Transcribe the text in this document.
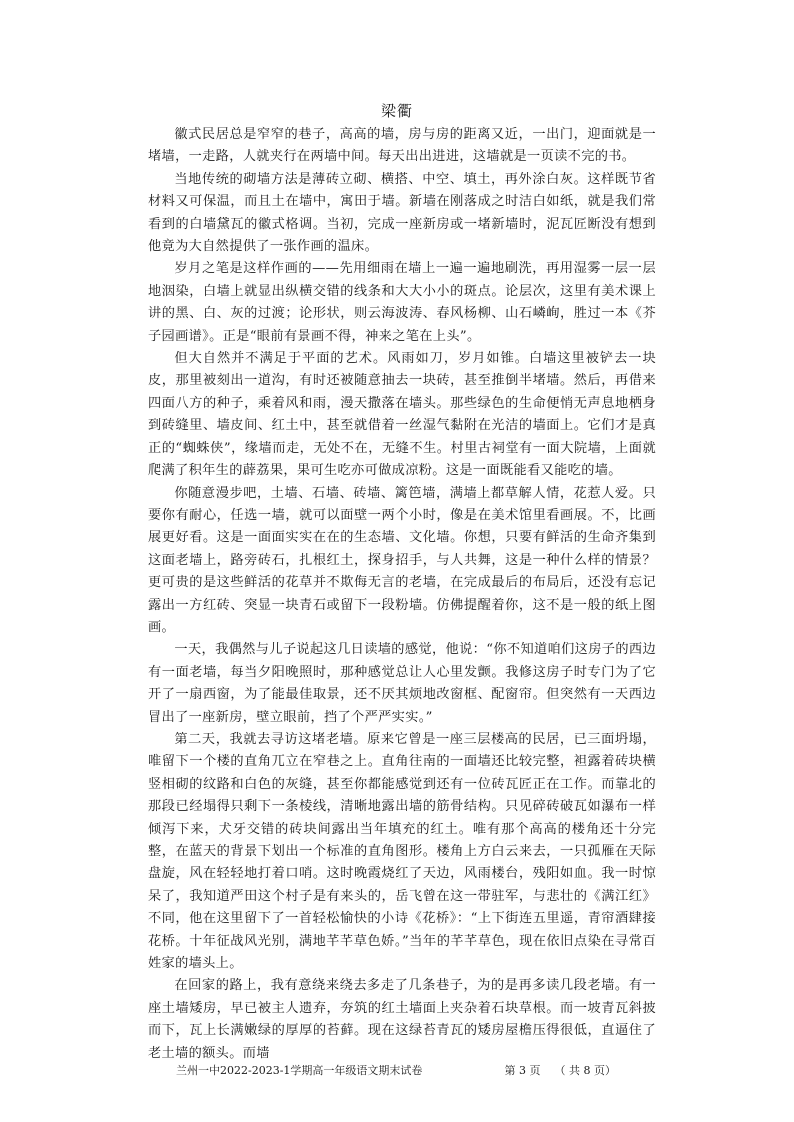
梁衢

徽式民居总是窄窄的巷子，高高的墙，房与房的距离又近，一出门，迎面就是一堵墙，一走路，人就夹行在两墙中间。每天出出进进，这墙就是一页读不完的书。

当地传统的砌墙方法是薄砖立砌、横搭、中空、填土，再外涂白灰。这样既节省材料又可保温，而且土在墙中，寓田于墙。新墙在刚落成之时洁白如纸，就是我们常看到的白墙黛瓦的徽式格调。当初，完成一座新房或一堵新墙时，泥瓦匠断没有想到他竟为大自然提供了一张作画的温床。

岁月之笔是这样作画的——先用细雨在墙上一遍一遍地刷洗，再用湿雾一层一层地洇染，白墙上就显出纵横交错的线条和大大小小的斑点。论层次，这里有美术课上讲的黑、白、灰的过渡；论形状，则云海波涛、春风杨柳、山石嶙峋，胜过一本《芥子园画谱》。正是“眼前有景画不得，神来之笔在上头”。

但大自然并不满足于平面的艺术。风雨如刀，岁月如锥。白墙这里被铲去一块皮，那里被刻出一道沟，有时还被随意抽去一块砖，甚至推倒半堵墙。然后，再借来四面八方的种子，乘着风和雨，漫天撒落在墙头。那些绿色的生命便悄无声息地栖身到砖缝里、墙皮间、红土中，甚至就借着一丝湿气黏附在光洁的墙面上。它们才是真正的“蜘蛛侠”，缘墙而走，无处不在，无缝不生。村里古祠堂有一面大院墙，上面就爬满了积年生的薜荔果，果可生吃亦可做成凉粉。这是一面既能看又能吃的墙。

你随意漫步吧，土墙、石墙、砖墙、篱笆墙，满墙上都草解人情，花惹人爱。只要你有耐心，任选一墙，就可以面壁一两个小时，像是在美术馆里看画展。不，比画展更好看。这是一面面实实在在的生态墙、文化墙。你想，只要有鲜活的生命齐集到这面老墙上，路旁砖石，扎根红土，探身招手，与人共舞，这是一种什么样的情景？更可贵的是这些鲜活的花草并不欺侮无言的老墙，在完成最后的布局后，还没有忘记露出一方红砖、突显一块青石或留下一段粉墙。仿佛提醒着你，这不是一般的纸上图画。

一天，我偶然与儿子说起这几日读墙的感觉，他说：“你不知道咱们这房子的西边有一面老墙，每当夕阳晚照时，那种感觉总让人心里发颤。我修这房子时专门为了它开了一扇西窗，为了能最佳取景，还不厌其烦地改窗框、配窗帘。但突然有一天西边冒出了一座新房，壁立眼前，挡了个严严实实。”

第二天，我就去寻访这堵老墙。原来它曾是一座三层楼高的民居，已三面坍塌，唯留下一个楼的直角兀立在窄巷之上。直角往南的一面墙还比较完整，袒露着砖块横竖相砌的纹路和白色的灰缝，甚至你都能感觉到还有一位砖瓦匠正在工作。而靠北的那段已经塌得只剩下一条棱线，清晰地露出墙的筋骨结构。只见碎砖破瓦如瀑布一样倾泻下来，犬牙交错的砖块间露出当年填充的红土。唯有那个高高的楼角还十分完整，在蓝天的背景下划出一个标准的直角图形。楼角上方白云来去，一只孤雁在天际盘旋，风在轻轻地打着口哨。这时晚霞烧红了天边，风雨楼台，残阳如血。我一时惊呆了，我知道严田这个村子是有来头的，岳飞曾在这一带驻军，与悲壮的《满江红》不同，他在这里留下了一首轻松愉快的小诗《花桥》：“上下街连五里遥，青帘酒肆接花桥。十年征战风光别，满地芊芊草色娇。”当年的芊芊草色，现在依旧点染在寻常百姓家的墙头上。

在回家的路上，我有意绕来绕去多走了几条巷子，为的是再多读几段老墙。有一座土墙矮房，早已被主人遗弃，夯筑的红土墙面上夹杂着石块草根。而一坡青瓦斜披而下，瓦上长满嫩绿的厚厚的苔藓。现在这绿苔青瓦的矮房屋檐压得很低，直逼住了老土墙的额头。而墙

兰州一中2022-2023-1学期高一年级语文期末试卷	第 3 页 （ 共 8 页）
